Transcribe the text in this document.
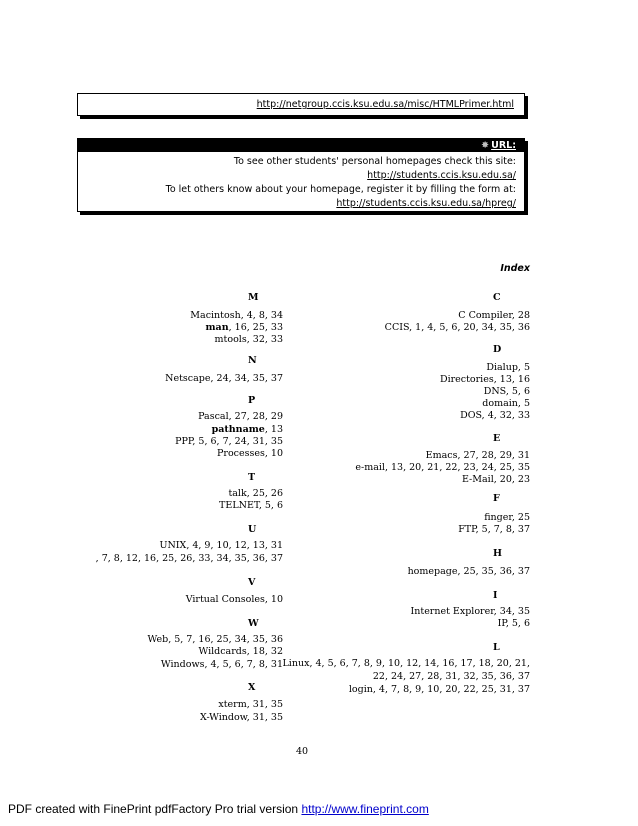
http://netgroup.ccis.ksu.edu.sa/misc/HTMLPrimer.html
✸ URL:
To see other students' personal homepages check this site:
http://students.ccis.ksu.edu.sa/
To let others know about your homepage, register it by filling the form at:
http://students.ccis.ksu.edu.sa/hpreg/
Index
M
Macintosh, 4, 8, 34
man, 16, 25, 33
mtools, 32, 33
N
Netscape, 24, 34, 35, 37
P
Pascal, 27, 28, 29
pathname, 13
PPP, 5, 6, 7, 24, 31, 35
Processes, 10
T
talk, 25, 26
TELNET, 5, 6
U
UNIX, 4, 9, 10, 12, 13, 31
, 7, 8, 12, 16, 25, 26, 33, 34, 35, 36, 37
V
Virtual Consoles, 10
W
Web, 5, 7, 16, 25, 34, 35, 36
Wildcards, 18, 32
Windows, 4, 5, 6, 7, 8, 31
X
xterm, 31, 35
X-Window, 31, 35
C
C Compiler, 28
CCIS, 1, 4, 5, 6, 20, 34, 35, 36
D
Dialup, 5
Directories, 13, 16
DNS, 5, 6
domain, 5
DOS, 4, 32, 33
E
Emacs, 27, 28, 29, 31
e-mail, 13, 20, 21, 22, 23, 24, 25, 35
E-Mail, 20, 23
F
finger, 25
FTP, 5, 7, 8, 37
H
homepage, 25, 35, 36, 37
I
Internet Explorer, 34, 35
IP, 5, 6
L
Linux, 4, 5, 6, 7, 8, 9, 10, 12, 14, 16, 17, 18, 20, 21,
22, 24, 27, 28, 31, 32, 35, 36, 37
login, 4, 7, 8, 9, 10, 20, 22, 25, 31, 37
40
PDF created with FinePrint pdfFactory Pro trial version http://www.fineprint.com
